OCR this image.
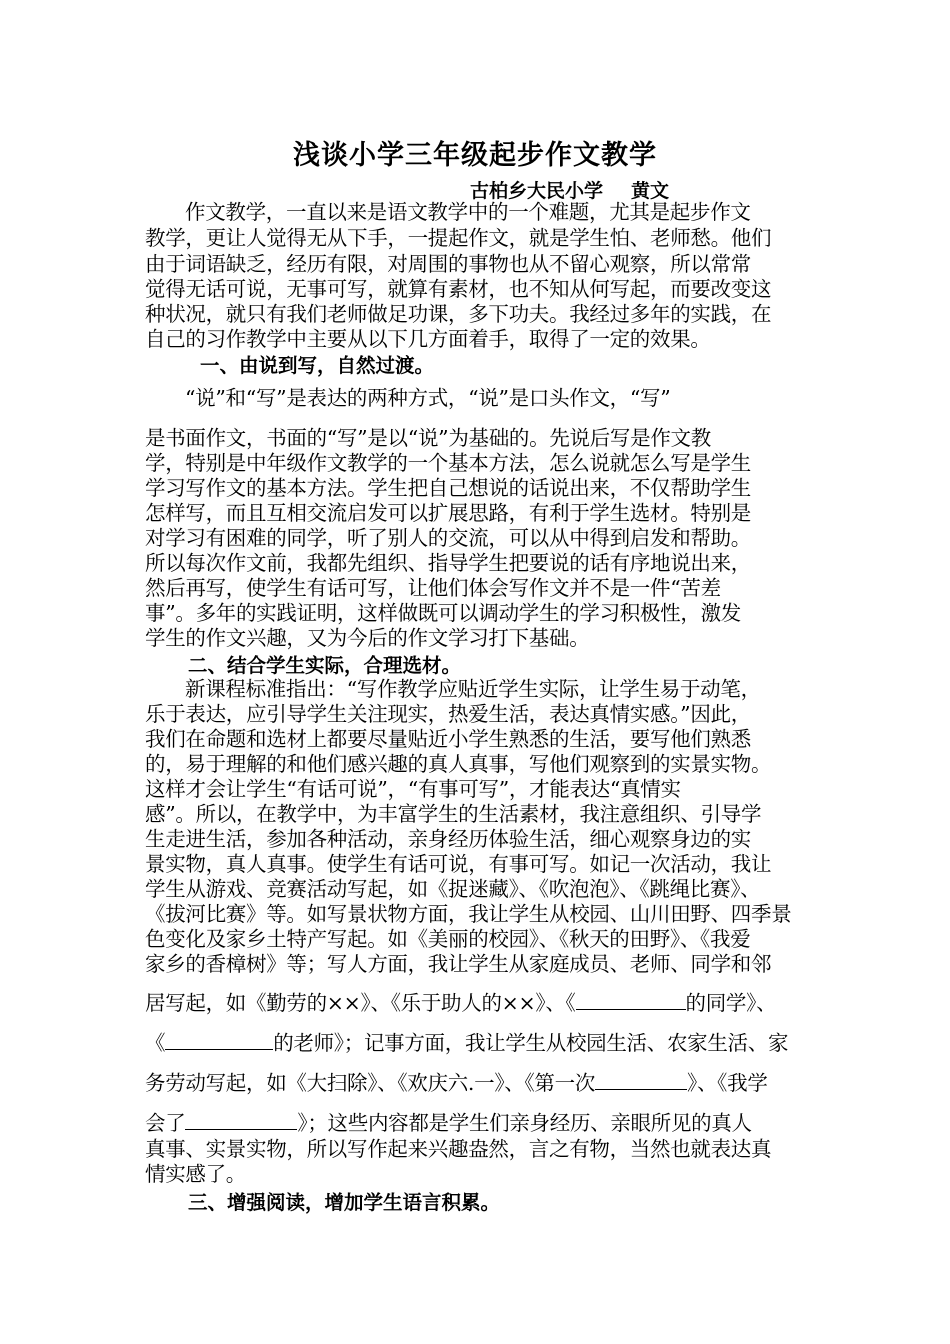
浅谈小学三年级起步作文教学
古柏乡大民小学 黄文
作文教学，一直以来是语文教学中的一个难题，尤其是起步作文
教学，更让人觉得无从下手，一提起作文，就是学生怕、老师愁。他们
由于词语缺乏，经历有限，对周围的事物也从不留心观察，所以常常
觉得无话可说，无事可写，就算有素材，也不知从何写起，而要改变这
种状况，就只有我们老师做足功课，多下功夫。我经过多年的实践，在
自己的习作教学中主要从以下几方面着手，取得了一定的效果。
一、由说到写，自然过渡。
“说”和“写”是表达的两种方式，“说”是口头作文，“写”
是书面作文，书面的“写”是以“说”为基础的。先说后写是作文教
学，特别是中年级作文教学的一个基本方法，怎么说就怎么写是学生
学习写作文的基本方法。学生把自己想说的话说出来，不仅帮助学生
怎样写，而且互相交流启发可以扩展思路，有利于学生选材。特别是
对学习有困难的同学，听了别人的交流，可以从中得到启发和帮助。
所以每次作文前，我都先组织、指导学生把要说的话有序地说出来，
然后再写，使学生有话可写，让他们体会写作文并不是一件“苦差
事”。多年的实践证明，这样做既可以调动学生的学习积极性，激发
学生的作文兴趣，又为今后的作文学习打下基础。
二、结合学生实际，合理选材。
新课程标准指出：“写作教学应贴近学生实际，让学生易于动笔，
乐于表达，应引导学生关注现实，热爱生活，表达真情实感。”因此，
我们在命题和选材上都要尽量贴近小学生熟悉的生活，要写他们熟悉
的，易于理解的和他们感兴趣的真人真事，写他们观察到的实景实物。
这样才会让学生“有话可说”，“有事可写”，才能表达“真情实
感”。所以，在教学中，为丰富学生的生活素材，我注意组织、引导学
生走进生活，参加各种活动，亲身经历体验生活，细心观察身边的实
景实物，真人真事。使学生有话可说，有事可写。如记一次活动，我让
学生从游戏、竞赛活动写起，如《捉迷藏》、《吹泡泡》、《跳绳比赛》、
《拔河比赛》等。如写景状物方面，我让学生从校园、山川田野、四季景
色变化及家乡土特产写起。如《美丽的校园》、《秋天的田野》、《我爱
家乡的香樟树》等；写人方面，我让学生从家庭成员、老师、同学和邻
居写起，如《勤劳的××》、《乐于助人的××》、《	的同学》、
《	的老师》；记事方面，我让学生从校园生活、农家生活、家
务劳动写起，如《大扫除》、《欢庆六.一》、《第一次	》、《我学
会了	》；这些内容都是学生们亲身经历、亲眼所见的真人
真事、实景实物，所以写作起来兴趣盎然，言之有物，当然也就表达真
情实感了。
三、增强阅读，增加学生语言积累。
